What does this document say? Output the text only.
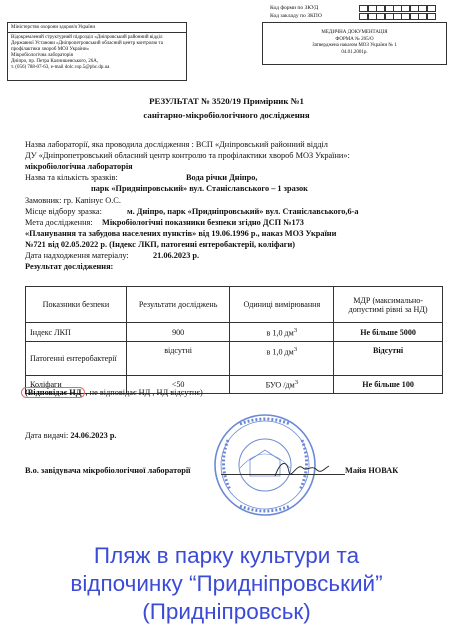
Код форми по ЗКУД
Код закладу по ЗКПО
Міністерство охорони здоров'я України
Відокремлений структурний підрозділ «Дніпровський районний відділ
Державної Установи «Дніпропетровський обласний центр контролю та
профілактики хвороб МОЗ України»
Мікробіологічна лабораторія
Дніпро, пр. Петра Калнишевського, 26А,
т. (056) 788-07-63, e-mail dolc.vsp.5@phc.dp.ua
МЕДИЧНА ДОКУМЕНТАЦІЯ
ФОРМА № 205/О
Затверджена наказом МОЗ України № 1
04.01.2001р.
РЕЗУЛЬТАТ № 3520/19 Примірник №1
санітарно-мікробіологічного дослідження
Назва лабораторії, яка проводила дослідження : ВСП «Дніпровський районний відділ
ДУ «Дніпропетровський обласний центр контролю та профілактики хвороб МОЗ України»:
мікробіологічна лабораторія
Назва та кількість зразків:	Вода річки Дніпро,
парк «Придніпровський» вул. Станіславського – 1 зразок
Замовник: гр. Капінус О.С.
Місце відбору зразка:	м. Дніпро, парк «Придніпровський» вул. Станіславського,6-а
Мета дослідження:	Мікробіологічні показники безпеки згідно ДСП №173
«Планування та забудова населених пунктів» від 19.06.1996 р., наказ МОЗ України
№721 від 02.05.2022 р. (Індекс ЛКП, патогенні ентеробактерії, коліфаги)
Дата надходження матеріалу:	21.06.2023 р.
Результат дослідження:
Показники безпеки	Результати досліджень	Одиниці вимірювання	МДР (максимально-допустимі рівні за НД)
Індекс ЛКП	900	в 1,0 $дм^3$	Не більше 5000
Патогенні ентеробактерії	відсутні	в 1,0 $дм^3$	Відсутні
Коліфаги	<50	БУО $/дм^3$	Не більше 100
(Відповідає НД , не відповідає НД , НД відсутнє)
Дата видачі: 24.06.2023 р.
В.о. завідувача мікробіологічної лабораторії	Майя НОВАК
Пляж в парку культури та
відпочинку “Придніпровський”
(Придніпровськ)
